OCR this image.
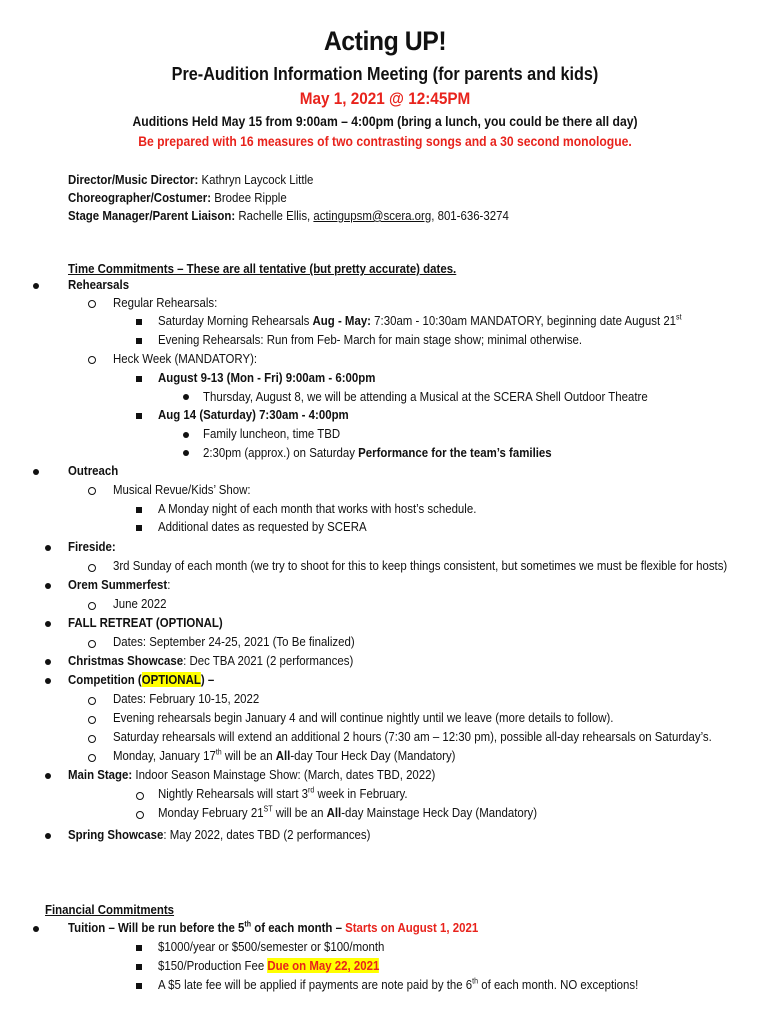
Acting UP!
Pre-Audition Information Meeting (for parents and kids)
May 1, 2021 @ 12:45PM
Auditions Held May 15 from 9:00am – 4:00pm (bring a lunch, you could be there all day)
Be prepared with 16 measures of two contrasting songs and a 30 second monologue.
Director/Music Director: Kathryn Laycock Little
Choreographer/Costumer: Brodee Ripple
Stage Manager/Parent Liaison: Rachelle Ellis, actingupsm@scera.org, 801-636-3274
Time Commitments – These are all tentative (but pretty accurate) dates.
Rehearsals
Regular Rehearsals:
Saturday Morning Rehearsals Aug - May: 7:30am - 10:30am MANDATORY, beginning date August 21st
Evening Rehearsals: Run from Feb- March for main stage show; minimal otherwise.
Heck Week (MANDATORY):
August 9-13 (Mon - Fri) 9:00am - 6:00pm
Thursday, August 8, we will be attending a Musical at the SCERA Shell Outdoor Theatre
Aug 14 (Saturday) 7:30am - 4:00pm
Family luncheon, time TBD
2:30pm (approx.) on Saturday Performance for the team’s families
Outreach
Musical Revue/Kids’ Show:
A Monday night of each month that works with host’s schedule.
Additional dates as requested by SCERA
Fireside:
3rd Sunday of each month (we try to shoot for this to keep things consistent, but sometimes we must be flexible for hosts)
Orem Summerfest:
June 2022
FALL RETREAT (OPTIONAL)
Dates: September 24-25, 2021 (To Be finalized)
Christmas Showcase: Dec TBA 2021 (2 performances)
Competition (OPTIONAL) –
Dates: February 10-15, 2022
Evening rehearsals begin January 4 and will continue nightly until we leave (more details to follow).
Saturday rehearsals will extend an additional 2 hours (7:30 am – 12:30 pm), possible all-day rehearsals on Saturday’s.
Monday, January 17th will be an All-day Tour Heck Day (Mandatory)
Main Stage: Indoor Season Mainstage Show: (March, dates TBD, 2022)
Nightly Rehearsals will start 3rd week in February.
Monday February 21ST will be an All-day Mainstage Heck Day (Mandatory)
Spring Showcase: May 2022, dates TBD (2 performances)
Financial Commitments
Tuition – Will be run before the 5th of each month – Starts on August 1, 2021
$1000/year or $500/semester or $100/month
$150/Production Fee Due on May 22, 2021
A $5 late fee will be applied if payments are note paid by the 6th of each month. NO exceptions!
